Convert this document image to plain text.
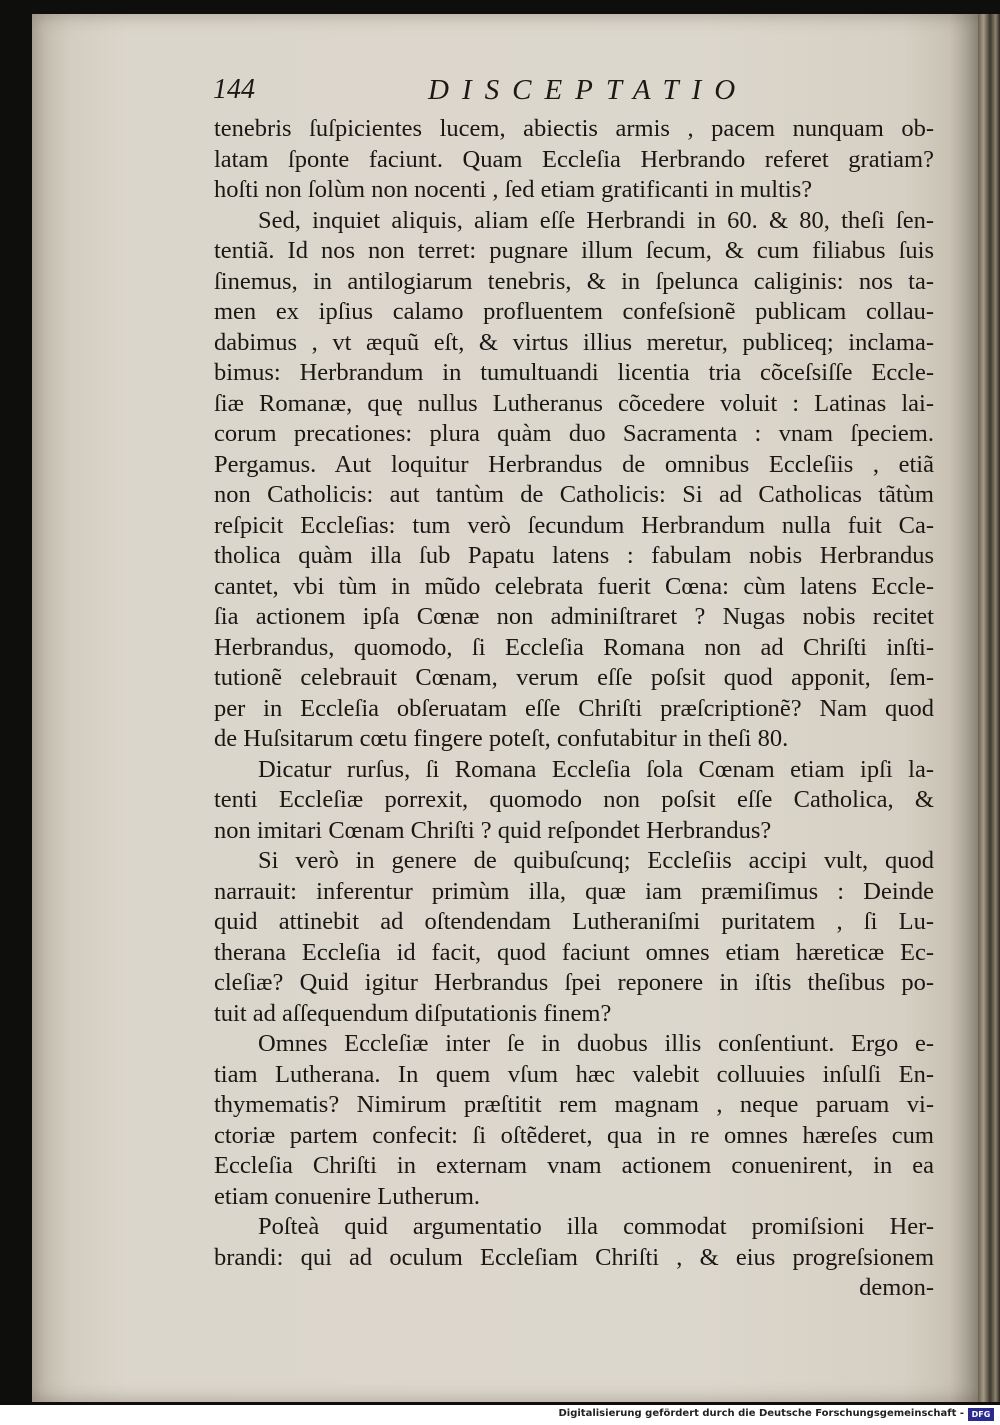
144	DISCEPTATIO
tenebris ſuſpicientes lucem, abiectis armis , pacem nunquam ob-
latam ſponte faciunt. Quam Eccleſia Herbrando referet gratiam?
hoſti non ſolùm non nocenti , ſed etiam gratificanti in multis?
Sed, inquiet aliquis, aliam eſſe Herbrandi in 60. & 80, theſi ſen-
tentiã. Id nos non terret: pugnare illum ſecum, & cum filiabus ſuis
ſinemus, in antilogiarum tenebris, & in ſpelunca caliginis: nos ta-
men ex ipſius calamo profluentem confeſsionẽ publicam collau-
dabimus , vt æquũ eſt, & virtus illius meretur, publiceq; inclama-
bimus: Herbrandum in tumultuandi licentia tria cõceſsiſſe Eccle-
ſiæ Romanæ, quę nullus Lutheranus cõcedere voluit : Latinas lai-
corum precationes: plura quàm duo Sacramenta : vnam ſpeciem.
Pergamus. Aut loquitur Herbrandus de omnibus Eccleſiis , etiã
non Catholicis: aut tantùm de Catholicis: Si ad Catholicas tãtùm
reſpicit Eccleſias: tum verò ſecundum Herbrandum nulla fuit Ca-
tholica quàm illa ſub Papatu latens : fabulam nobis Herbrandus
cantet, vbi tùm in mũdo celebrata fuerit Cœna: cùm latens Eccle-
ſia actionem ipſa Cœnæ non adminiſtraret ? Nugas nobis recitet
Herbrandus, quomodo, ſi Eccleſia Romana non ad Chriſti inſti-
tutionẽ celebrauit Cœnam, verum eſſe poſsit quod apponit, ſem-
per in Eccleſia obſeruatam eſſe Chriſti præſcriptionẽ? Nam quod
de Huſsitarum cœtu fingere poteſt, confutabitur in theſi 80.
Dicatur rurſus, ſi Romana Eccleſia ſola Cœnam etiam ipſi la-
tenti Eccleſiæ porrexit, quomodo non poſsit eſſe Catholica, &
non imitari Cœnam Chriſti ? quid reſpondet Herbrandus?
Si verò in genere de quibuſcunq; Eccleſiis accipi vult, quod
narrauit: inferentur primùm illa, quæ iam præmiſimus : Deinde
quid attinebit ad oſtendendam Lutheraniſmi puritatem , ſi Lu-
therana Eccleſia id facit, quod faciunt omnes etiam hæreticæ Ec-
cleſiæ? Quid igitur Herbrandus ſpei reponere in iſtis theſibus po-
tuit ad aſſequendum diſputationis finem?
Omnes Eccleſiæ inter ſe in duobus illis conſentiunt. Ergo e-
tiam Lutherana. In quem vſum hæc valebit colluuies inſulſi En-
thymematis? Nimirum præſtitit rem magnam , neque paruam vi-
ctoriæ partem confecit: ſi oſtẽderet, qua in re omnes hæreſes cum
Eccleſia Chriſti in externam vnam actionem conuenirent, in ea
etiam conuenire Lutherum.
Poſteà quid argumentatio illa commodat promiſsioni Her-
brandi: qui ad oculum Eccleſiam Chriſti , & eius progreſsionem
demon-
Digitalisierung gefördert durch die Deutsche Forschungsgemeinschaft - DFG
